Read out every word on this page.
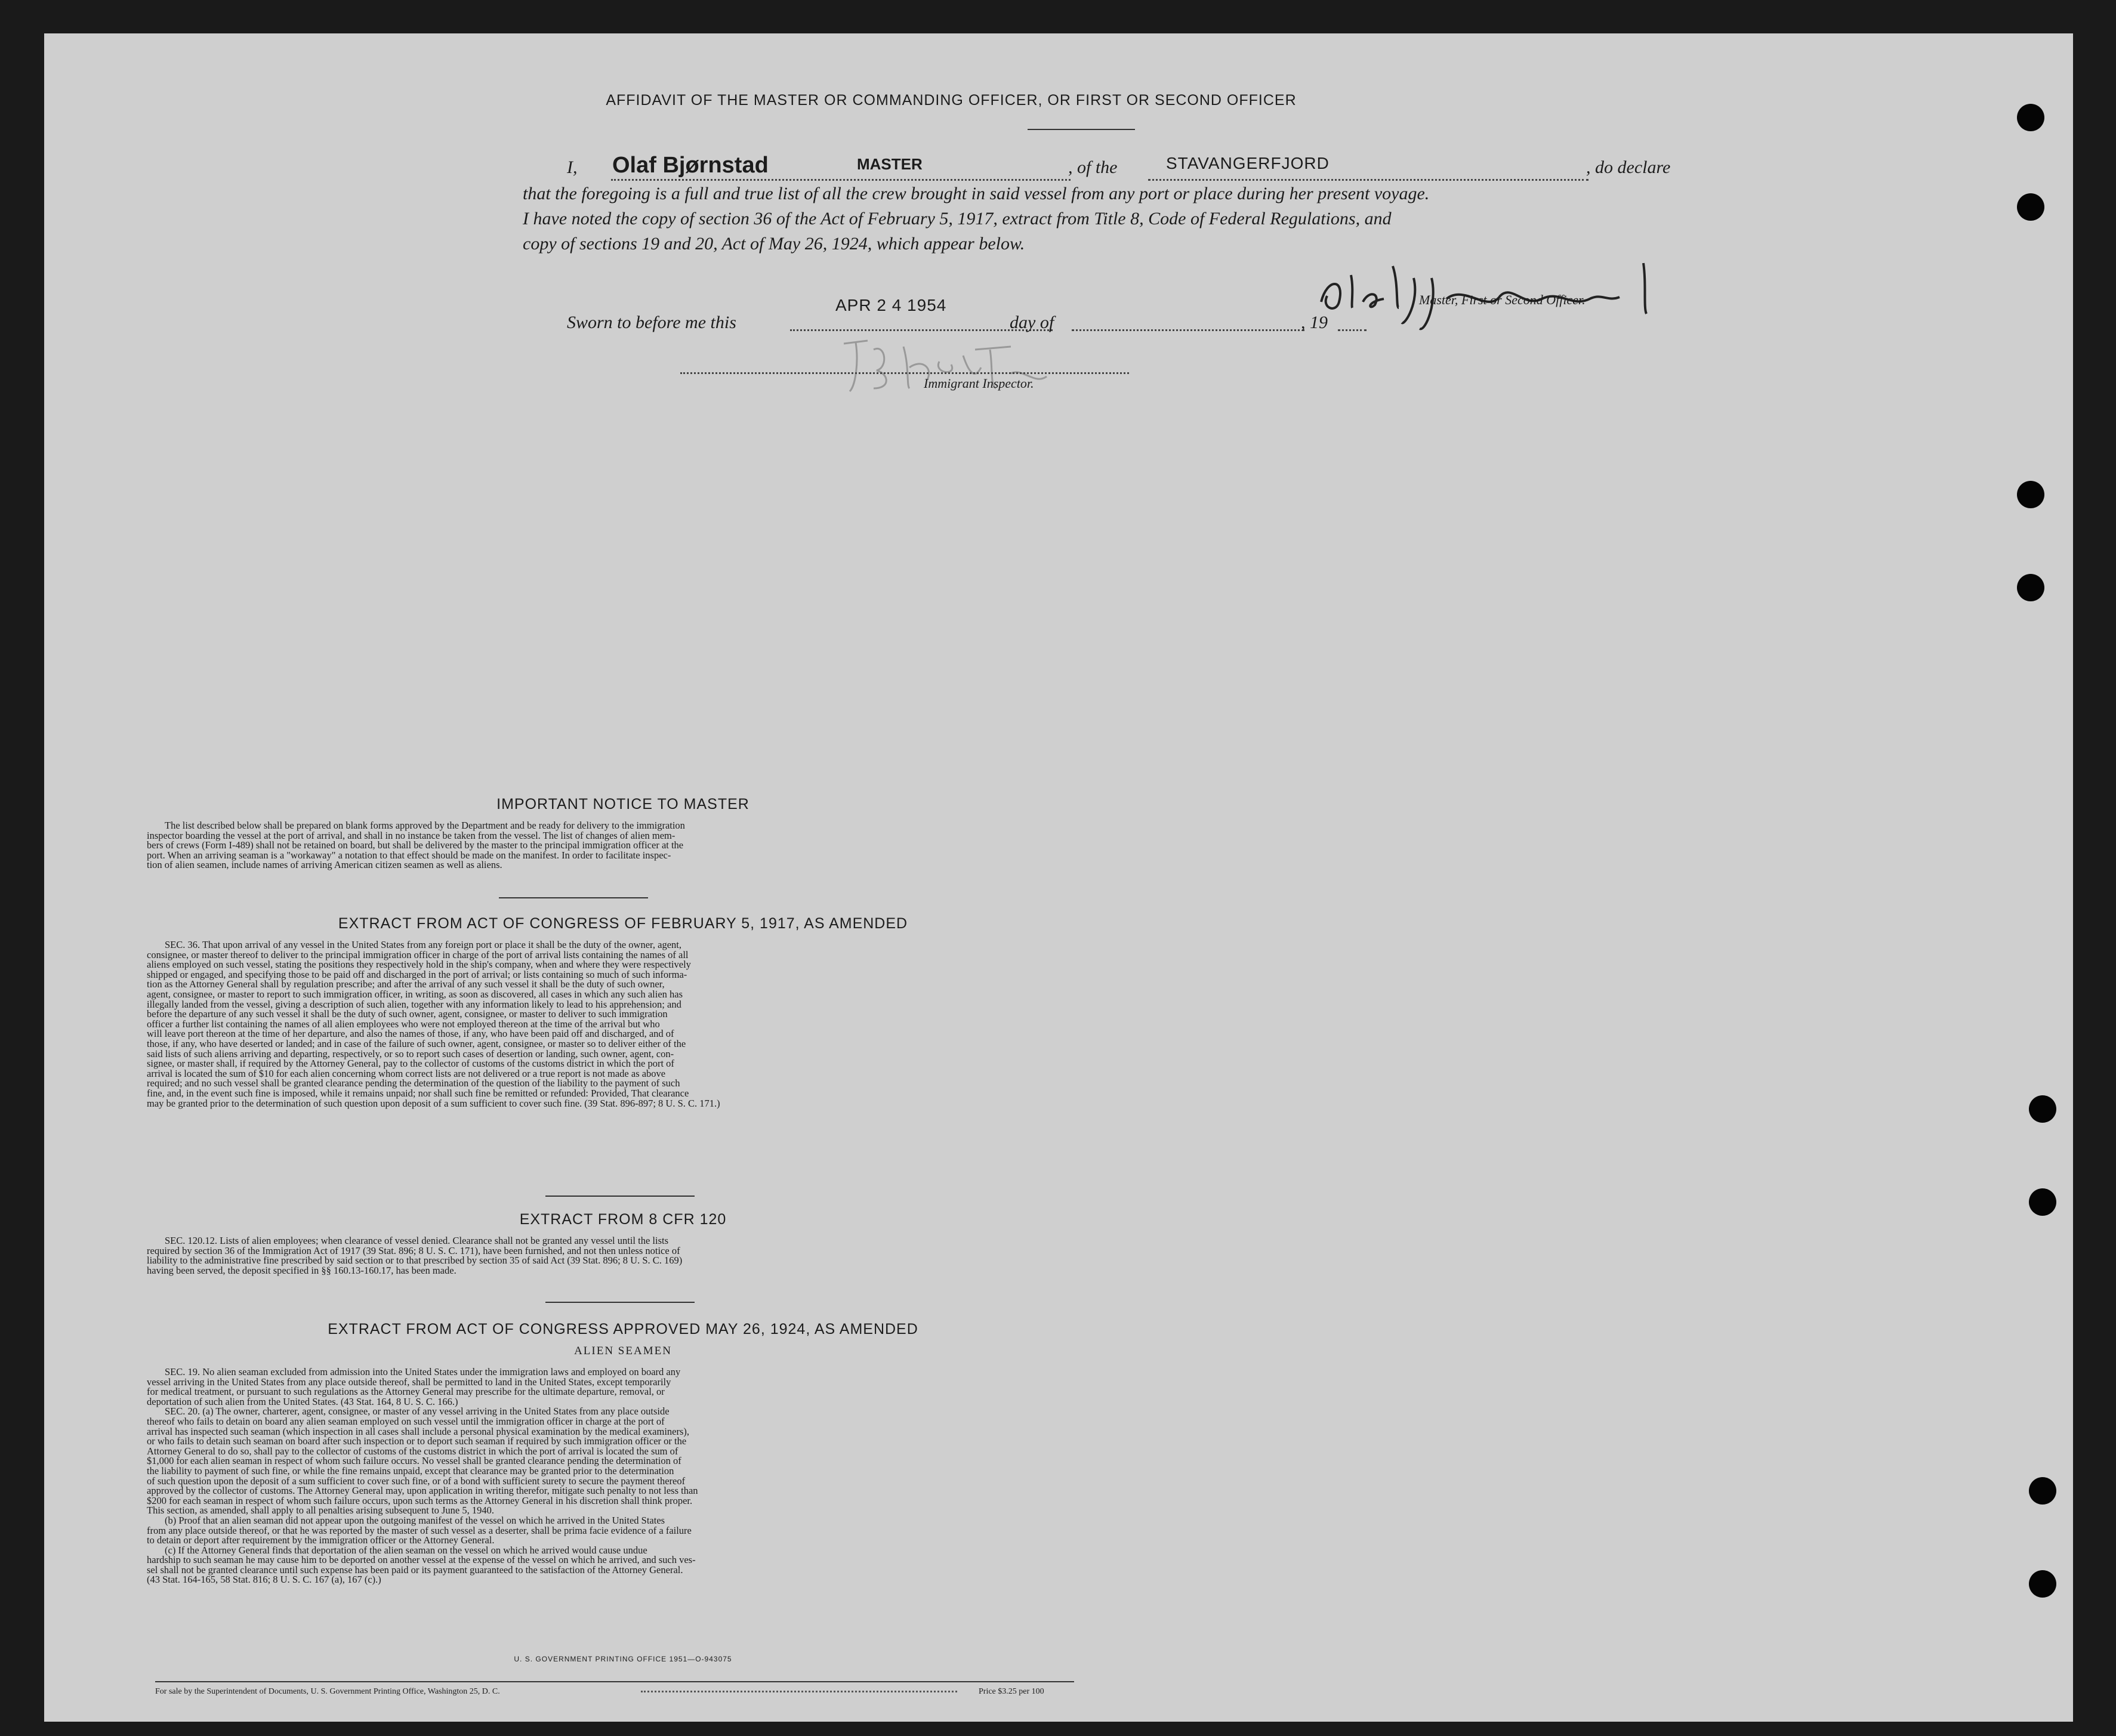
AFFIDAVIT OF THE MASTER OR COMMANDING OFFICER, OR FIRST OR SECOND OFFICER
I, Olaf Bjørnstad	MASTER	, of the	STAVANGERFJORD	, do declare
that the foregoing is a full and true list of all the crew brought in said vessel from any port or place during her present voyage.
I have noted the copy of section 36 of the Act of February 5, 1917, extract from Title 8, Code of Federal Regulations, and
copy of sections 19 and 20, Act of May 26, 1924, which appear below.
Master, First or Second Officer.
Sworn to before me this
APR 2 4 1954
day of	, 19
Immigrant Inspector.
IMPORTANT NOTICE TO MASTER
The list described below shall be prepared on blank forms approved by the Department and be ready for delivery to the immigration
inspector boarding the vessel at the port of arrival, and shall in no instance be taken from the vessel. The list of changes of alien mem-
bers of crews (Form I-489) shall not be retained on board, but shall be delivered by the master to the principal immigration officer at the
port. When an arriving seaman is a "workaway" a notation to that effect should be made on the manifest. In order to facilitate inspec-
tion of alien seamen, include names of arriving American citizen seamen as well as aliens.
EXTRACT FROM ACT OF CONGRESS OF FEBRUARY 5, 1917, AS AMENDED
SEC. 36. That upon arrival of any vessel in the United States from any foreign port or place it shall be the duty of the owner, agent,
consignee, or master thereof to deliver to the principal immigration officer in charge of the port of arrival lists containing the names of all
aliens employed on such vessel, stating the positions they respectively hold in the ship's company, when and where they were respectively
shipped or engaged, and specifying those to be paid off and discharged in the port of arrival; or lists containing so much of such informa-
tion as the Attorney General shall by regulation prescribe; and after the arrival of any such vessel it shall be the duty of such owner,
agent, consignee, or master to report to such immigration officer, in writing, as soon as discovered, all cases in which any such alien has
illegally landed from the vessel, giving a description of such alien, together with any information likely to lead to his apprehension; and
before the departure of any such vessel it shall be the duty of such owner, agent, consignee, or master to deliver to such immigration
officer a further list containing the names of all alien employees who were not employed thereon at the time of the arrival but who
will leave port thereon at the time of her departure, and also the names of those, if any, who have been paid off and discharged, and of
those, if any, who have deserted or landed; and in case of the failure of such owner, agent, consignee, or master so to deliver either of the
said lists of such aliens arriving and departing, respectively, or so to report such cases of desertion or landing, such owner, agent, con-
signee, or master shall, if required by the Attorney General, pay to the collector of customs of the customs district in which the port of
arrival is located the sum of $10 for each alien concerning whom correct lists are not delivered or a true report is not made as above
required; and no such vessel shall be granted clearance pending the determination of the question of the liability to the payment of such
fine, and, in the event such fine is imposed, while it remains unpaid; nor shall such fine be remitted or refunded: Provided, That clearance
may be granted prior to the determination of such question upon deposit of a sum sufficient to cover such fine. (39 Stat. 896-897; 8 U. S. C. 171.)
EXTRACT FROM 8 CFR 120
SEC. 120.12. Lists of alien employees; when clearance of vessel denied. Clearance shall not be granted any vessel until the lists
required by section 36 of the Immigration Act of 1917 (39 Stat. 896; 8 U. S. C. 171), have been furnished, and not then unless notice of
liability to the administrative fine prescribed by said section or to that prescribed by section 35 of said Act (39 Stat. 896; 8 U. S. C. 169)
having been served, the deposit specified in §§ 160.13-160.17, has been made.
EXTRACT FROM ACT OF CONGRESS APPROVED MAY 26, 1924, AS AMENDED
ALIEN SEAMEN
SEC. 19. No alien seaman excluded from admission into the United States under the immigration laws and employed on board any
vessel arriving in the United States from any place outside thereof, shall be permitted to land in the United States, except temporarily
for medical treatment, or pursuant to such regulations as the Attorney General may prescribe for the ultimate departure, removal, or
deportation of such alien from the United States. (43 Stat. 164, 8 U. S. C. 166.)
SEC. 20. (a) The owner, charterer, agent, consignee, or master of any vessel arriving in the United States from any place outside
thereof who fails to detain on board any alien seaman employed on such vessel until the immigration officer in charge at the port of
arrival has inspected such seaman (which inspection in all cases shall include a personal physical examination by the medical examiners),
or who fails to detain such seaman on board after such inspection or to deport such seaman if required by such immigration officer or the
Attorney General to do so, shall pay to the collector of customs of the customs district in which the port of arrival is located the sum of
$1,000 for each alien seaman in respect of whom such failure occurs. No vessel shall be granted clearance pending the determination of
the liability to payment of such fine, or while the fine remains unpaid, except that clearance may be granted prior to the determination
of such question upon the deposit of a sum sufficient to cover such fine, or of a bond with sufficient surety to secure the payment thereof
approved by the collector of customs. The Attorney General may, upon application in writing therefor, mitigate such penalty to not less than
$200 for each seaman in respect of whom such failure occurs, upon such terms as the Attorney General in his discretion shall think proper.
This section, as amended, shall apply to all penalties arising subsequent to June 5, 1940.
(b) Proof that an alien seaman did not appear upon the outgoing manifest of the vessel on which he arrived in the United States
from any place outside thereof, or that he was reported by the master of such vessel as a deserter, shall be prima facie evidence of a failure
to detain or deport after requirement by the immigration officer or the Attorney General.
(c) If the Attorney General finds that deportation of the alien seaman on the vessel on which he arrived would cause undue
hardship to such seaman he may cause him to be deported on another vessel at the expense of the vessel on which he arrived, and such ves-
sel shall not be granted clearance until such expense has been paid or its payment guaranteed to the satisfaction of the Attorney General.
(43 Stat. 164-165, 58 Stat. 816; 8 U. S. C. 167 (a), 167 (c).)
U. S. GOVERNMENT PRINTING OFFICE 1951—O-943075
For sale by the Superintendent of Documents, U. S. Government Printing Office, Washington 25, D. C.	Price $3.25 per 100
